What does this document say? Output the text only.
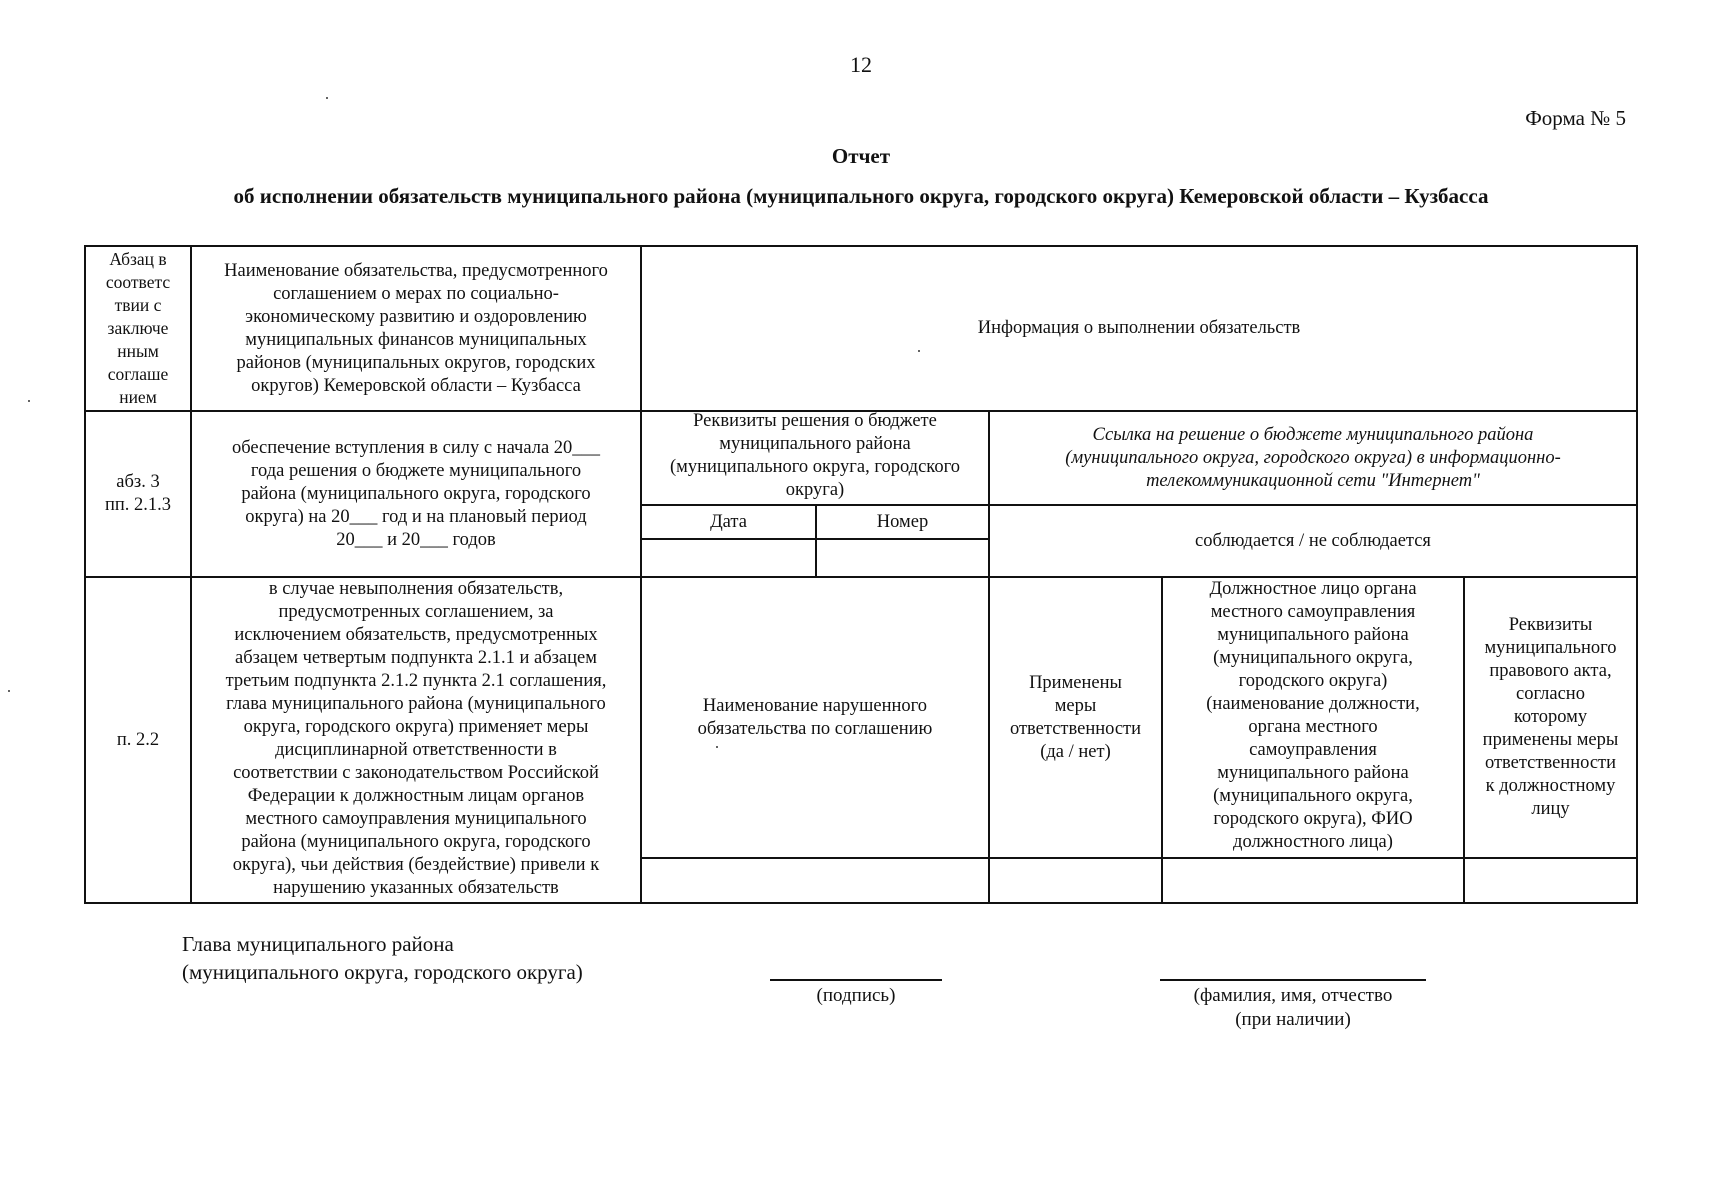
12
Форма № 5
Отчет
об исполнении обязательств муниципального района (муниципального округа, городского округа) Кемеровской области – Кузбасса
Абзац в
соответс
твии с
заключе
нным
соглаше
нием
Наименование обязательства, предусмотренного
соглашением о мерах по социально-
экономическому развитию и оздоровлению
муниципальных финансов муниципальных
районов (муниципальных округов, городских
округов) Кемеровской области – Кузбасса
Информация о выполнении обязательств
абз. 3
пп. 2.1.3
обеспечение вступления в силу с начала 20___
года решения о бюджете муниципального
района (муниципального округа, городского
округа) на 20___ год и на плановый период
20___ и 20___ годов
Реквизиты решения о бюджете
муниципального района
(муниципального округа, городского
округа)
Дата	Номер
Ссылка на решение о бюджете муниципального района
(муниципального округа, городского округа) в информационно-
телекоммуникационной сети "Интернет"
соблюдается / не соблюдается
п. 2.2
в случае невыполнения обязательств,
предусмотренных соглашением, за
исключением обязательств, предусмотренных
абзацем четвертым подпункта 2.1.1 и абзацем
третьим подпункта 2.1.2 пункта 2.1 соглашения,
глава муниципального района (муниципального
округа, городского округа) применяет меры
дисциплинарной ответственности в
соответствии с законодательством Российской
Федерации к должностным лицам органов
местного самоуправления муниципального
района (муниципального округа, городского
округа), чьи действия (бездействие) привели к
нарушению указанных обязательств
Наименование нарушенного
обязательства по соглашению
Применены
меры
ответственности
(да / нет)
Должностное лицо органа
местного самоуправления
муниципального района
(муниципального округа,
городского округа)
(наименование должности,
органа местного
самоуправления
муниципального района
(муниципального округа,
городского округа), ФИО
должностного лица)
Реквизиты
муниципального
правового акта,
согласно
которому
применены меры
ответственности
к должностному
лицу
Глава муниципального района
(муниципального округа, городского округа)
(подпись)	(фамилия, имя, отчество
(при наличии)
